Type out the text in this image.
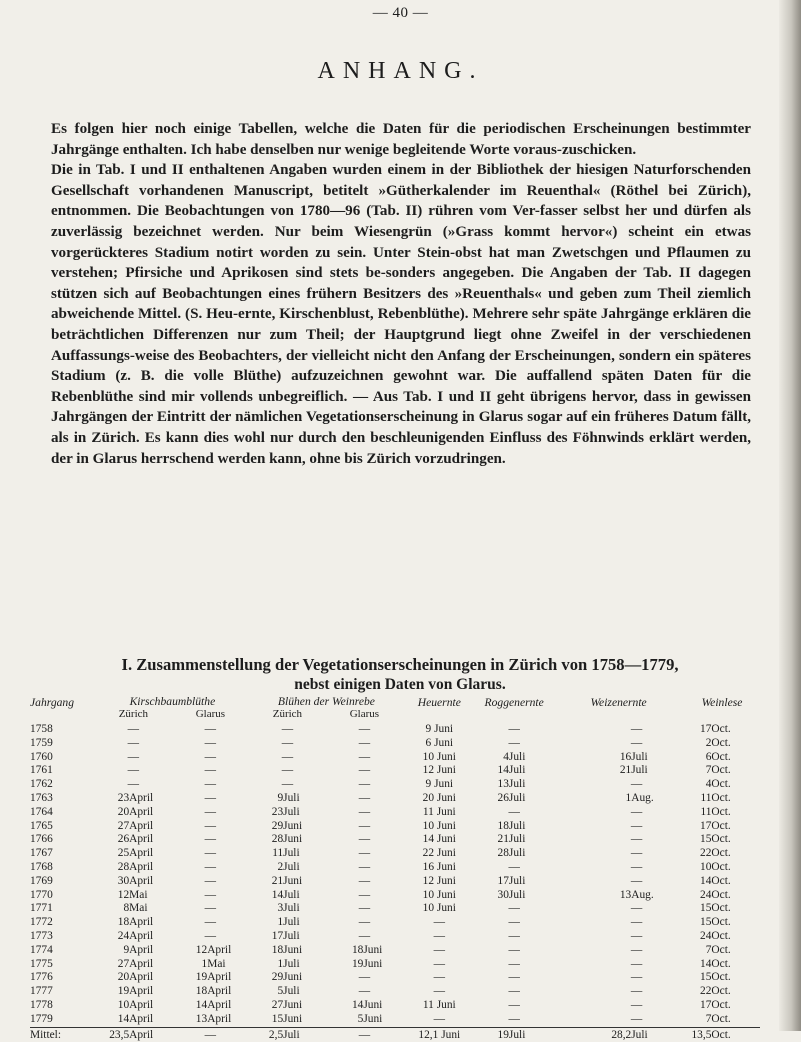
— 40 —
ANHANG.

Es folgen hier noch einige Tabellen, welche die Daten für die periodischen Erscheinungen bestimmter Jahrgänge enthalten. Ich habe denselben nur wenige begleitende Worte voraus-zuschicken.

Die in Tab. I und II enthaltenen Angaben wurden einem in der Bibliothek der hiesigen Naturforschenden Gesellschaft vorhandenen Manuscript, betitelt »Gütherkalender im Reuenthal« (Röthel bei Zürich), entnommen. Die Beobachtungen von 1780—96 (Tab. II) rühren vom Ver-fasser selbst her und dürfen als zuverlässig bezeichnet werden. Nur beim Wiesengrün (»Grass kommt hervor«) scheint ein etwas vorgerückteres Stadium notirt worden zu sein. Unter Stein-obst hat man Zwetschgen und Pflaumen zu verstehen; Pfirsiche und Aprikosen sind stets be-sonders angegeben. Die Angaben der Tab. II dagegen stützen sich auf Beobachtungen eines frühern Besitzers des »Reuenthals« und geben zum Theil ziemlich abweichende Mittel. (S. Heu-ernte, Kirschenblust, Rebenblüthe). Mehrere sehr späte Jahrgänge erklären die beträchtlichen Differenzen nur zum Theil; der Hauptgrund liegt ohne Zweifel in der verschiedenen Auffassungs-weise des Beobachters, der vielleicht nicht den Anfang der Erscheinungen, sondern ein späteres Stadium (z. B. die volle Blüthe) aufzuzeichnen gewohnt war. Die auffallend späten Daten für die Rebenblüthe sind mir vollends unbegreiflich. — Aus Tab. I und II geht übrigens hervor, dass in gewissen Jahrgängen der Eintritt der nämlichen Vegetationserscheinung in Glarus sogar auf ein früheres Datum fällt, als in Zürich. Es kann dies wohl nur durch den beschleunigenden Einfluss des Föhnwinds erklärt werden, der in Glarus herrschend werden kann, ohne bis Zürich vorzudringen.

I. Zusammenstellung der Vegetationserscheinungen in Zürich von 1758—1779,
nebst einigen Daten von Glarus.
Jahrgang	Kirschbaumblüthe				Blühen der Weinrebe				Heuernte	Roggenernte		Weizenernte			Weinlese	
	Zürich		Glarus		Zürich		Glarus									
1758	—		—		—		—		9 Juni	—			—		17	Oct.
1759	—		—		—		—		6 Juni	—			—		2	Oct.
1760	—		—		—		—		10 Juni	4	Juli		16	Juli	6	Oct.
1761	—		—		—		—		12 Juni	14	Juli		21	Juli	7	Oct.
1762	—		—		—		—		9 Juni	13	Juli		—		4	Oct.
1763	23	April	—		9	Juli	—		20 Juni	26	Juli		1	Aug.	11	Oct.
1764	20	April	—		23	Juli	—		11 Juni	—			—		11	Oct.
1765	27	April	—		29	Juni	—		10 Juni	18	Juli		—		17	Oct.
1766	26	April	—		28	Juni	—		14 Juni	21	Juli		—		15	Oct.
1767	25	April	—		11	Juli	—		22 Juni	28	Juli		—		22	Oct.
1768	28	April	—		2	Juli	—		16 Juni	—			—		10	Oct.
1769	30	April	—		21	Juni	—		12 Juni	17	Juli		—		14	Oct.
1770	12	Mai	—		14	Juli	—		10 Juni	30	Juli		13	Aug.	24	Oct.
1771	8	Mai	—		3	Juli	—		10 Juni	—			—		15	Oct.
1772	18	April	—		1	Juli	—		—	—			—		15	Oct.
1773	24	April	—		17	Juli	—		—	—			—		24	Oct.
1774	9	April	12	April	18	Juni	18	Juni	—	—			—		7	Oct.
1775	27	April	1	Mai	1	Juli	19	Juni	—	—			—		14	Oct.
1776	20	April	19	April	29	Juni	—		—	—			—		15	Oct.
1777	19	April	18	April	5	Juli	—		—	—			—		22	Oct.
1778	10	April	14	April	27	Juni	14	Juni	11 Juni	—			—		17	Oct.
1779	14	April	13	April	15	Juni	5	Juni	—	—			—		7	Oct.
Mittel:	23,5	April	—		2,5	Juli	—		12,1 Juni	19	Juli		28,2	Juli	13,5	Oct.
